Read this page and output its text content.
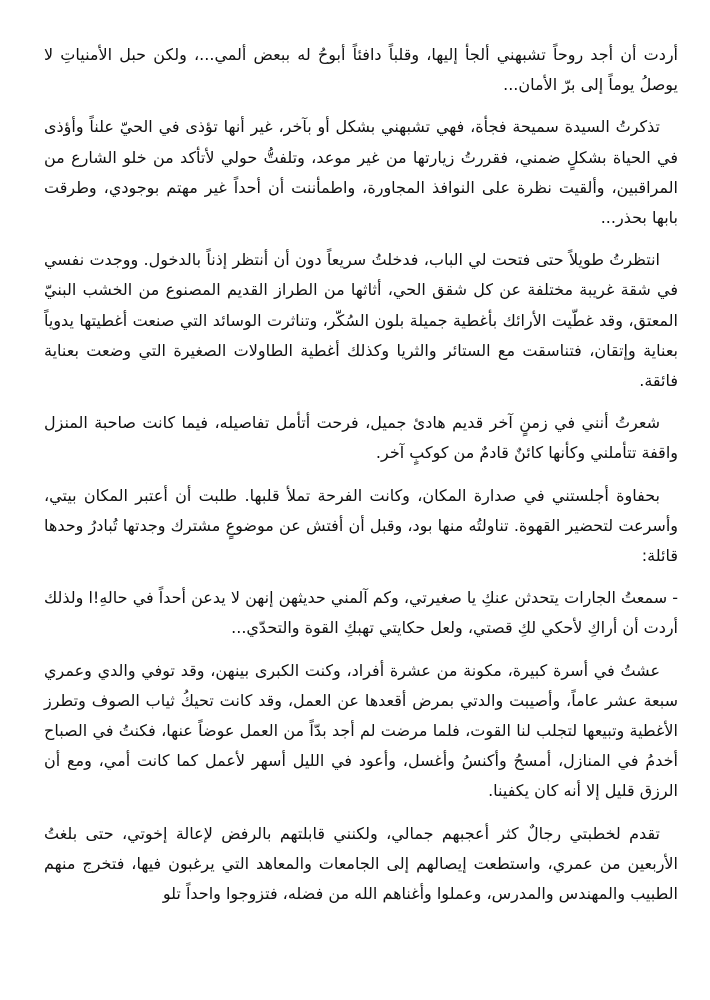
أردت أن أجد روحاً تشبهني ألجأ إليها، وقلباً دافئاً أبوحُ له ببعض ألمي...، ولكن حبل الأمنياتِ لا يوصلُ يوماً إلى برّ الأمان...

تذكرتُ السيدة سميحة فجأة، فهي تشبهني بشكل أو بآخر، غير أنها تؤذى في الحيّ علناً وأؤذى في الحياة بشكلٍ ضمني، فقررتُ زيارتها من غير موعد، وتلفتُّ حولي لأتأكد من خلو الشارع من المراقبين، وألقيت نظرة على النوافذ المجاورة، واطمأننت أن أحداً غير مهتم بوجودي، وطرقت بابها بحذر...

انتظرتُ طويلاً حتى فتحت لي الباب، فدخلتُ سريعاً دون أن أنتظر إذناً بالدخول. ووجدت نفسي في شقة غريبة مختلفة عن كل شقق الحي، أثاثها من الطراز القديم المصنوع من الخشب البنيّ المعتق، وقد غطّيت الأرائك بأغطية جميلة بلون السُكّر، وتناثرت الوسائد التي صنعت أغطيتها يدوياً بعناية وإتقان، فتناسقت مع الستائر والثريا وكذلك أغطية الطاولات الصغيرة التي وضعت بعناية فائقة.

شعرتُ أنني في زمنٍ آخر قديم هادئ جميل، فرحت أتأمل تفاصيله، فيما كانت صاحبة المنزل واقفة تتأملني وكأنها كائنٌ قادمٌ من كوكبٍ آخر.

بحفاوة أجلستني في صدارة المكان، وكانت الفرحة تملأ قلبها. طلبت أن أعتبر المكان بيتي، وأسرعت لتحضير القهوة. تناولتُه منها بود، وقبل أن أفتش عن موضوعٍ مشترك وجدتها تُبادرُ وحدها قائلة:

- سمعتُ الجارات يتحدثن عنكِ يا صغيرتي، وكم آلمني حديثهن إنهن لا يدعن أحداً في حالهِ!ا ولذلك أردت أن أراكِ لأحكي لكِ قصتي، ولعل حكايتي تهبكِ القوة والتحدّي...

عشتُ في أسرة كبيرة، مكونة من عشرة أفراد، وكنت الكبرى بينهن، وقد توفي والدي وعمري سبعة عشر عاماً، وأصيبت والدتي بمرض أقعدها عن العمل، وقد كانت تحيكُ ثياب الصوف وتطرز الأغطية وتبيعها لتجلب لنا القوت، فلما مرضت لم أجد بدّاً من العمل عوضاً عنها، فكنتُ في الصباح أخدمُ في المنازل، أمسحُ وأكنسُ وأغسل، وأعود في الليل أسهر لأعمل كما كانت أمي، ومع أن الرزق قليل إلا أنه كان يكفينا.

تقدم لخطبتي رجالٌ كثر أعجبهم جمالي، ولكنني قابلتهم بالرفض لإعالة إخوتي، حتى بلغتُ الأربعين من عمري، واستطعت إيصالهم إلى الجامعات والمعاهد التي يرغبون فيها، فتخرج منهم الطبيب والمهندس والمدرس، وعملوا وأغناهم الله من فضله، فتزوجوا واحداً تلو
